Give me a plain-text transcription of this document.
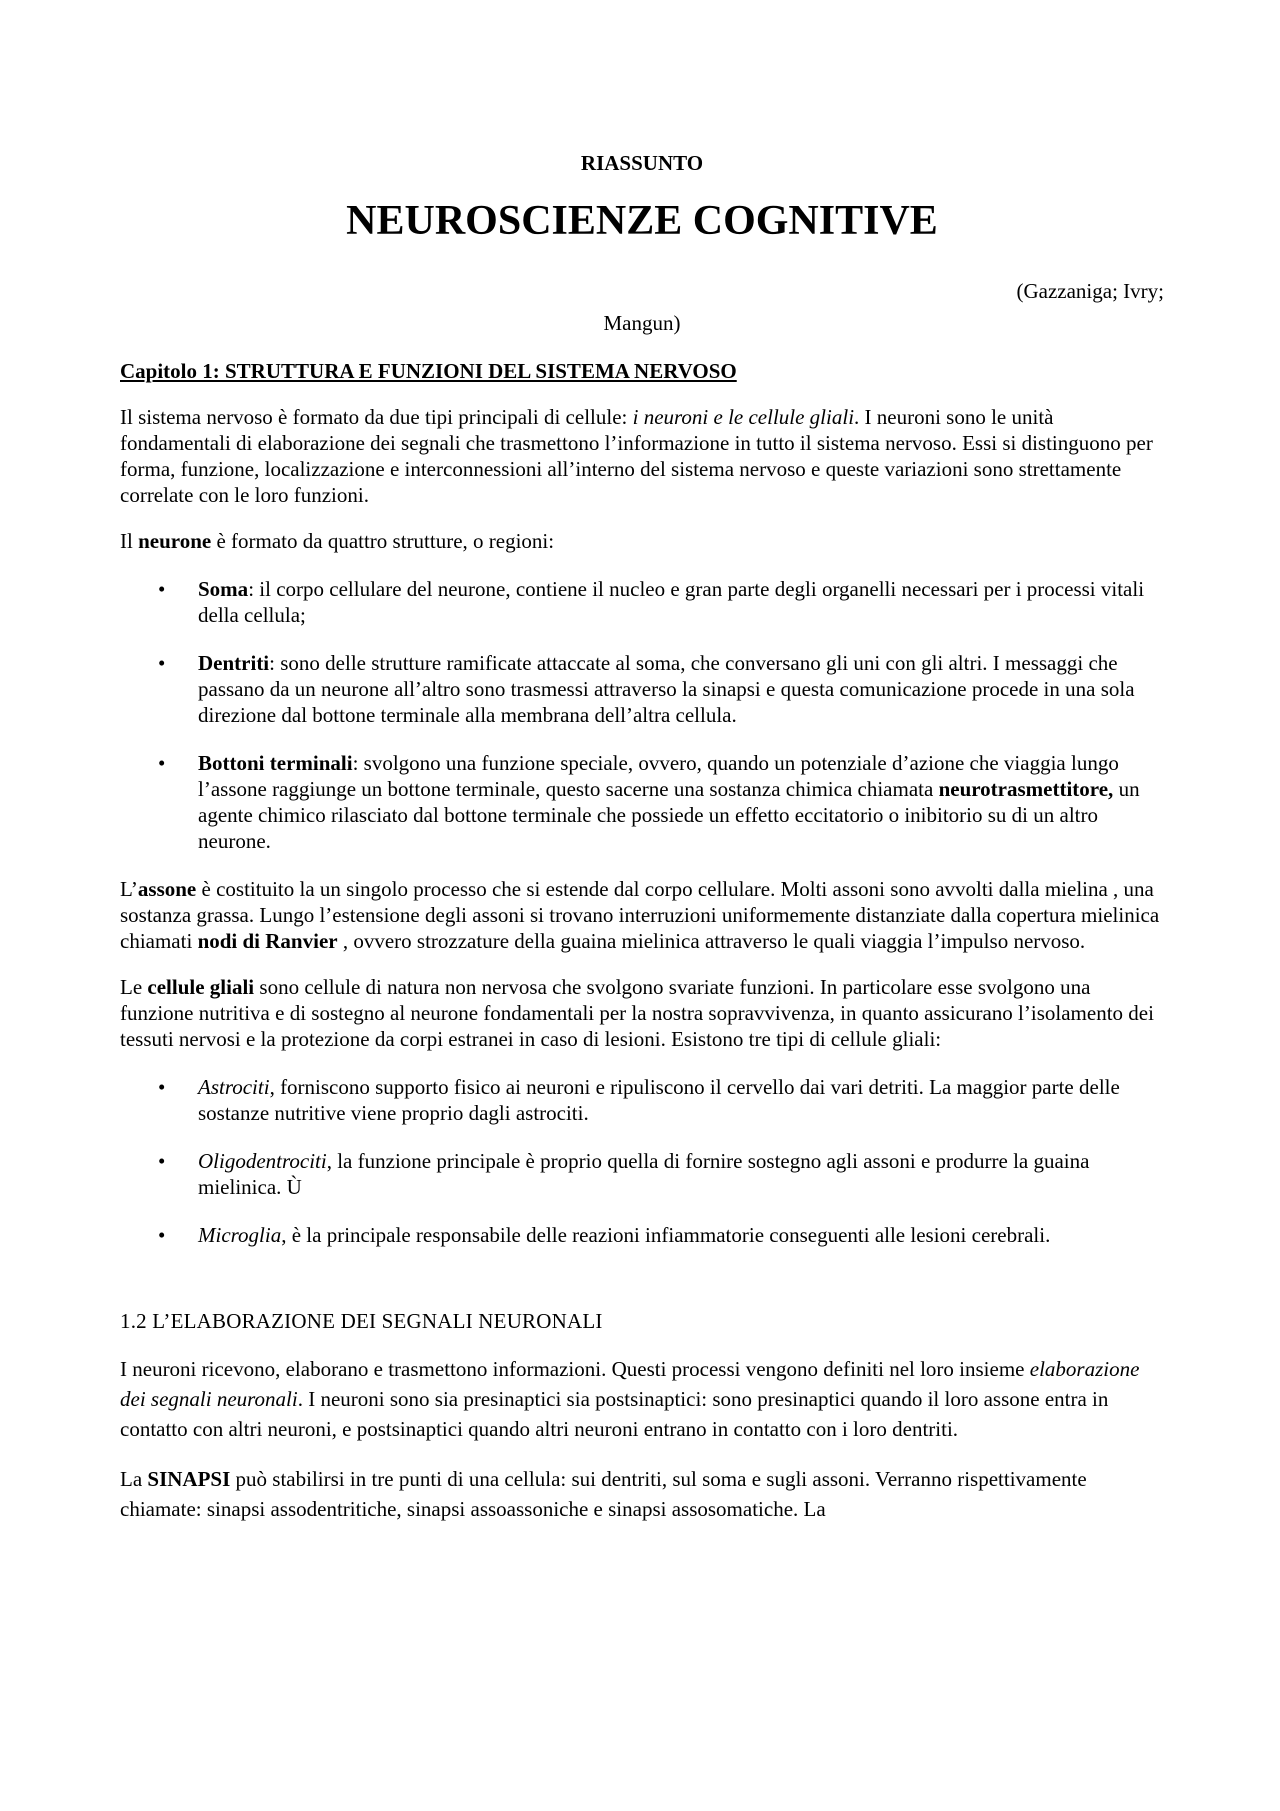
RIASSUNTO

NEUROSCIENZE COGNITIVE

(Gazzaniga; Ivry;

Mangun)

Capitolo 1: STRUTTURA E FUNZIONI DEL SISTEMA NERVOSO

Il sistema nervoso è formato da due tipi principali di cellule: i neuroni e le cellule gliali. I neuroni sono le unità fondamentali di elaborazione dei segnali che trasmettono l’informazione in tutto il sistema nervoso. Essi si distinguono per forma, funzione, localizzazione e interconnessioni all’interno del sistema nervoso e queste variazioni sono strettamente correlate con le loro funzioni.

Il neurone è formato da quattro strutture, o regioni:

• Soma: il corpo cellulare del neurone, contiene il nucleo e gran parte degli organelli necessari per i processi vitali della cellula;
• Dentriti: sono delle strutture ramificate attaccate al soma, che conversano gli uni con gli altri. I messaggi che passano da un neurone all’altro sono trasmessi attraverso la sinapsi e questa comunicazione procede in una sola direzione dal bottone terminale alla membrana dell’altra cellula.
• Bottoni terminali: svolgono una funzione speciale, ovvero, quando un potenziale d’azione che viaggia lungo l’assone raggiunge un bottone terminale, questo sacerne una sostanza chimica chiamata neurotrasmettitore, un agente chimico rilasciato dal bottone terminale che possiede un effetto eccitatorio o inibitorio su di un altro neurone.

L’assone è costituito la un singolo processo che si estende dal corpo cellulare. Molti assoni sono avvolti dalla mielina , una sostanza grassa. Lungo l’estensione degli assoni si trovano interruzioni uniformemente distanziate dalla copertura mielinica chiamati nodi di Ranvier , ovvero strozzature della guaina mielinica attraverso le quali viaggia l’impulso nervoso.

Le cellule gliali sono cellule di natura non nervosa che svolgono svariate funzioni. In particolare esse svolgono una funzione nutritiva e di sostegno al neurone fondamentali per la nostra sopravvivenza, in quanto assicurano l’isolamento dei tessuti nervosi e la protezione da corpi estranei in caso di lesioni. Esistono tre tipi di cellule gliali:

• Astrociti, forniscono supporto fisico ai neuroni e ripuliscono il cervello dai vari detriti. La maggior parte delle sostanze nutritive viene proprio dagli astrociti.
• Oligodentrociti, la funzione principale è proprio quella di fornire sostegno agli assoni e produrre la guaina mielinica. Ù
• Microglia, è la principale responsabile delle reazioni infiammatorie conseguenti alle lesioni cerebrali.

1.2 L’ELABORAZIONE DEI SEGNALI NEURONALI

I neuroni ricevono, elaborano e trasmettono informazioni. Questi processi vengono definiti nel loro insieme elaborazione dei segnali neuronali. I neuroni sono sia presinaptici sia postsinaptici: sono presinaptici quando il loro assone entra in contatto con altri neuroni, e postsinaptici quando altri neuroni entrano in contatto con i loro dentriti.

La SINAPSI può stabilirsi in tre punti di una cellula: sui dentriti, sul soma e sugli assoni. Verranno rispettivamente chiamate: sinapsi assodentritiche, sinapsi assoassoniche e sinapsi assosomatiche. La
